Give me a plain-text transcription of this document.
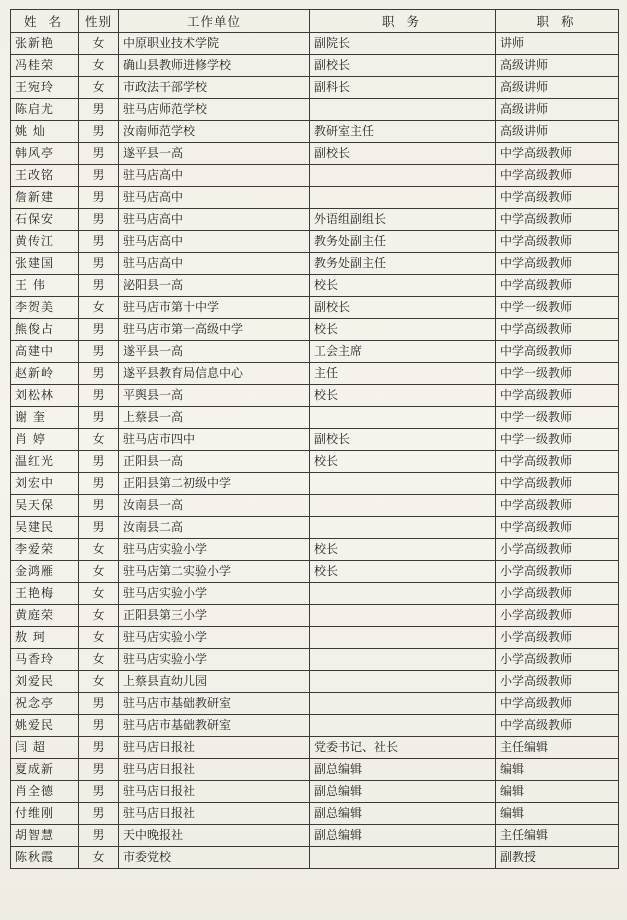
姓 名	性别	工作单位	职 务	职 称
张新艳	女	中原职业技术学院	副院长	讲师
冯桂荣	女	确山县教师进修学校	副校长	高级讲师
王宛玲	女	市政法干部学校	副科长	高级讲师
陈启尤	男	驻马店师范学校		高级讲师
姚 灿	男	汝南师范学校	教研室主任	高级讲师
韩风亭	男	遂平县一高	副校长	中学高级教师
王改铭	男	驻马店高中		中学高级教师
詹新建	男	驻马店高中		中学高级教师
石保安	男	驻马店高中	外语组副组长	中学高级教师
黄传江	男	驻马店高中	教务处副主任	中学高级教师
张建国	男	驻马店高中	教务处副主任	中学高级教师
王 伟	男	泌阳县一高	校长	中学高级教师
李贺美	女	驻马店市第十中学	副校长	中学一级教师
熊俊占	男	驻马店市第一高级中学	校长	中学高级教师
高建中	男	遂平县一高	工会主席	中学高级教师
赵新岭	男	遂平县教育局信息中心	主任	中学一级教师
刘松林	男	平舆县一高	校长	中学高级教师
谢 奎	男	上蔡县一高		中学一级教师
肖 婷	女	驻马店市四中	副校长	中学一级教师
温红光	男	正阳县一高	校长	中学高级教师
刘宏中	男	正阳县第二初级中学		中学高级教师
吴天保	男	汝南县一高		中学高级教师
吴建民	男	汝南县二高		中学高级教师
李爱荣	女	驻马店实验小学	校长	小学高级教师
金鸿雁	女	驻马店第二实验小学	校长	小学高级教师
王艳梅	女	驻马店实验小学		小学高级教师
黄庭荣	女	正阳县第三小学		小学高级教师
敖 珂	女	驻马店实验小学		小学高级教师
马香玲	女	驻马店实验小学		小学高级教师
刘爱民	女	上蔡县直幼儿园		小学高级教师
祝念亭	男	驻马店市基础教研室		中学高级教师
姚爱民	男	驻马店市基础教研室		中学高级教师
闫 超	男	驻马店日报社	党委书记、社长	主任编辑
夏成新	男	驻马店日报社	副总编辑	编辑
肖全德	男	驻马店日报社	副总编辑	编辑
付维刚	男	驻马店日报社	副总编辑	编辑
胡智慧	男	天中晚报社	副总编辑	主任编辑
陈秋霞	女	市委党校		副教授
